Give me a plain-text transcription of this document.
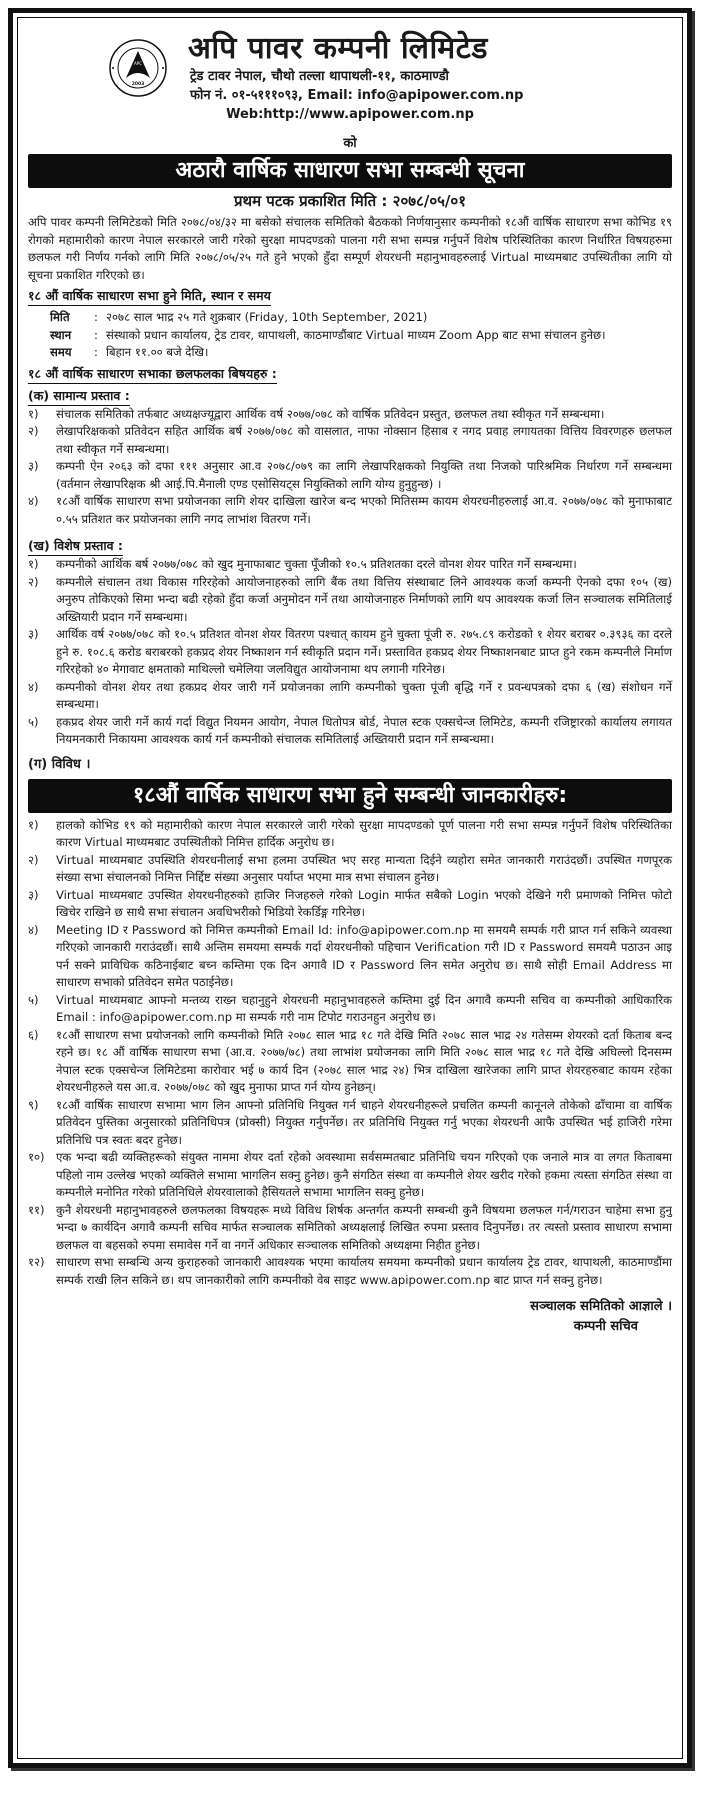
APC
2003
अपि पावर कम्पनी लिमिटेड
ट्रेड टावर नेपाल, चौथो तल्ला थापाथली-११, काठमाण्डौ
फोन नं. ०१-५१११०९३, Email: info@apipower.com.np
Web:http://www.apipower.com.np
को
अठारौ वार्षिक साधारण सभा सम्बन्धी सूचना
प्रथम पटक प्रकाशित मिति : २०७८/०५/०१

अपि पावर कम्पनी लिमिटेडको मिति २०७८/०४/३२ मा बसेको संचालक समितिको बैठकको निर्णयानुसार कम्पनीको १८औं वार्षिक साधारण सभा कोभिड १९ रोगको महामारीको कारण नेपाल सरकारले जारी गरेको सुरक्षा मापदण्डको पालना गरी सभा सम्पन्न गर्नुपर्ने विशेष परिस्थितिका कारण निर्धारित विषयहरुमा छलफल गरी निर्णय गर्नको लागि मिति २०७८/०५/२५ गते हुने भएको हुँदा सम्पूर्ण शेयरधनी महानुभावहरुलाई Virtual माध्यमबाट उपस्थितीका लागि यो सूचना प्रकाशित गरिएको छ।

१८ औं वार्षिक साधारण सभा हुने मिति, स्थान र समय
मिति	: २०७८ साल भाद्र २५ गते शुक्रबार (Friday, 10th September, 2021)
स्थान	: संस्थाको प्रधान कार्यालय, ट्रेड टावर, थापाथली, काठमाण्डौंबाट Virtual माध्यम Zoom App बाट सभा संचालन हुनेछ।
समय	: बिहान ११.०० बजे देखि।
१८ औं वार्षिक साधारण सभाका छलफलका बिषयहरु :
(क) सामान्य प्रस्ताव :
१)	संचालक समितिको तर्फबाट अध्यक्षज्यूद्वारा आर्थिक वर्ष २०७७/०७८ को वार्षिक प्रतिवेदन प्रस्तुत, छलफल तथा स्वीकृत गर्ने सम्बन्धमा।
२)	लेखापरिक्षकको प्रतिवेदन सहित आर्थिक बर्ष २०७७/०७८ को वासलात, नाफा नोक्सान हिसाब र नगद प्रवाह लगायतका वित्तिय विवरणहरु छलफल तथा स्वीकृत गर्ने सम्बन्धमा।
३)	कम्पनी ऐन २०६३ को दफा १११ अनुसार आ.व २०७८/०७९ का लागि लेखापरिक्षकको नियुक्ति तथा निजको पारिश्रमिक निर्धारण गर्ने सम्बन्धमा (वर्तमान लेखापरिक्षक श्री आई.पि.मैनाली एण्ड एसोसियट्स नियुक्तिको लागि योग्य हुनुहुन्छ) ।
४)	१८औं वार्षिक साधारण सभा प्रयोजनका लागि शेयर दाखिला खारेज बन्द भएको मितिसम्म कायम शेयरधनीहरुलाई आ.व. २०७७/०७८ को मुनाफाबाट ०.५५ प्रतिशत कर प्रयोजनका लागि नगद लाभांश वितरण गर्ने।
(ख) विशेष प्रस्ताव :
१)	कम्पनीको आर्थिक बर्ष २०७७/०७८ को खुद मुनाफाबाट चुक्ता पूँजीको १०.५ प्रतिशतका दरले वोनश शेयर पारित गर्ने सम्बन्धमा।
२)	कम्पनीले संचालन तथा विकास गरिरहेको आयोजनाहरुको लागि बैंक तथा वित्तिय संस्थाबाट लिने आवश्यक कर्जा कम्पनी ऐनको दफा १०५ (ख) अनुरुप तोकिएको सिमा भन्दा बढी रहेको हुँदा कर्जा अनुमोदन गर्ने तथा आयोजनाहरु निर्माणको लागि थप आवश्यक कर्जा लिन सञ्चालक समितिलाई अख्तियारी प्रदान गर्ने सम्बन्धमा।
३)	आर्थिक वर्ष २०७७/०७८ को १०.५ प्रतिशत वोनश शेयर वितरण पश्चात् कायम हुने चुक्ता पूंजी रु. २७५.८९ करोडको १ शेयर बराबर ०.३९३६ का दरले हुने रु. १०८.६ करोड बराबरको हकप्रद शेयर निष्काशन गर्न स्वीकृति प्रदान गर्ने। प्रस्तावित हकप्रद शेयर निष्काशनबाट प्राप्त हुने रकम कम्पनीले निर्माण गरिरहेको ४० मेगावाट क्षमताको माथिल्लो चमेलिया जलविद्युत आयोजनामा थप लगानी गरिनेछ।
४)	कम्पनीको वोनश शेयर तथा हकप्रद शेयर जारी गर्ने प्रयोजनका लागि कम्पनीको चुक्ता पूंजी बृद्धि गर्ने र प्रवन्धपत्रको दफा ६ (ख) संशोधन गर्ने सम्बन्धमा।
५)	हकप्रद शेयर जारी गर्ने कार्य गर्दा विद्युत नियमन आयोग, नेपाल धितोपत्र बोर्ड, नेपाल स्टक एक्सचेन्ज लिमिटेड, कम्पनी रजिष्ट्रारको कार्यालय लगायत नियमनकारी निकायमा आवश्यक कार्य गर्न कम्पनीको संचालक समितिलाई अख्तियारी प्रदान गर्ने सम्बन्धमा।
(ग) विविध ।
१८औं वार्षिक साधारण सभा हुने सम्बन्धी जानकारीहरु:
१)	हालको कोभिड १९ को महामारीको कारण नेपाल सरकारले जारी गरेको सुरक्षा मापदण्डको पूर्ण पालना गरी सभा सम्पन्न गर्नुपर्ने विशेष परिस्थितिका कारण Virtual माध्यमबाट उपस्थितीको निमित्त हार्दिक अनुरोध छ।
२)	Virtual माध्यमबाट उपस्थिति शेयरधनीलाई सभा हलमा उपस्थित भए सरह मान्यता दिईने व्यहोरा समेत जानकारी गराउंदछौं। उपस्थित गणपूरक संख्या सभा संचालनको निमित्त निर्द्दिष्ट संख्या अनुसार पर्याप्त भएमा मात्र सभा संचालन हुनेछ।
३)	Virtual माध्यमबाट उपस्थित शेयरधनीहरुको हाजिर निजहरुले गरेको Login मार्फत सबैको Login भएको देखिने गरी प्रमाणको निमित्त फोटो खिचेर राखिने छ साथै सभा संचालन अवधिभरीको भिडियो रेकर्डिङ्ग गरिनेछ।
४)	Meeting ID र Password को निमित्त कम्पनीको Email Id: info@apipower.com.np मा समयमै सम्पर्क गरी प्राप्त गर्न सकिने व्यवस्था गरिएको जानकारी गराउंदछौं। साथै अन्तिम समयमा सम्पर्क गर्दा शेयरधनीको पहिचान Verification गरी ID र Password समयमै पठाउन आइ पर्न सक्ने प्राविधिक कठिनाईबाट बच्न कम्तिमा एक दिन अगावै ID र Password लिन समेत अनुरोध छ। साथै सोही Email Address मा साधारण सभाको प्रतिवेदन समेत पठाईनेछ।
५)	Virtual माध्यमबाट आफ्नो मन्तव्य राख्न चहानुहुने शेयरधनी महानुभावहरुले कम्तिमा दुई दिन अगावै कम्पनी सचिव वा कम्पनीको आधिकारिक Email : info@apipower.com.np मा सम्पर्क गरी नाम टिपोट गराउनहुन अनुरोध छ।
६)	१८औं साधारण सभा प्रयोजनको लागि कम्पनीको मिति २०७८ साल भाद्र १८ गते देखि मिति २०७८ साल भाद्र २४ गतेसम्म शेयरको दर्ता किताब बन्द रहने छ। १८ औं वार्षिक साधारण सभा (आ.व. २०७७/७८) तथा लाभांश प्रयोजनका लागि मिति २०७८ साल भाद्र १८ गते देखि अघिल्लो दिनसम्म नेपाल स्टक एक्सचेन्ज लिमिटेडमा कारोवार भई ७ कार्य दिन (२०७८ साल भाद्र २४) भित्र दाखिला खारेजका लागि प्राप्त शेयरहरुबाट कायम रहेका शेयरधनीहरुले यस आ.व. २०७७/०७८ को खुद मुनाफा प्राप्त गर्न योग्य हुनेछन्।
९)	१८औं वार्षिक साधारण सभामा भाग लिन आफ्नो प्रतिनिधि नियुक्त गर्न चाहने शेयरधनीहरूले प्रचलित कम्पनी कानूनले तोकेको ढाँचामा वा वार्षिक प्रतिवेदन पुस्तिका अनुसारको प्रतिनिधिपत्र (प्रोक्सी) नियुक्त गर्नुपर्नेछ। तर प्रतिनिधि नियुक्त गर्नु भएका शेयरधनी आफै उपस्थित भई हाजिरी गरेमा प्रतिनिधि पत्र स्वतः बदर हुनेछ।
१०) एक भन्दा बढी व्यक्तिहरूको संयुक्त नाममा शेयर दर्ता रहेको अवस्थामा सर्वसम्मतबाट प्रतिनिधि चयन गरिएको एक जनाले मात्र वा लगत किताबमा पहिलो नाम उल्लेख भएको व्यक्तिले सभामा भागलिन सक्नु हुनेछ। कुनै संगठित संस्था वा कम्पनीले शेयर खरीद गरेको हकमा त्यस्ता संगठित संस्था वा कम्पनीले मनोनित गरेको प्रतिनिधिले शेयरवालाको हैसियतले सभामा भागलिन सक्नु हुनेछ।
११) कुनै शेयरधनी महानुभावहरुले छलफलका विषयहरू मध्ये विविध शिर्षक अन्तर्गत कम्पनी सम्बन्धी कुनै विषयमा छलफल गर्न/गराउन चाहेमा सभा हुनु भन्दा ७ कार्यदिन अगावै कम्पनी सचिव मार्फत सञ्चालक समितिको अध्यक्षलाई लिखित रुपमा प्रस्ताव दिनुपर्नेछ। तर त्यस्तो प्रस्ताव साधारण सभामा छलफल वा बहसको रुपमा समावेस गर्ने वा नगर्ने अधिकार सञ्चालक समितिको अध्यक्षमा निहीत हुनेछ।
१२) साधारण सभा सम्बन्धि अन्य कुराहरुको जानकारी आवश्यक भएमा कार्यालय समयमा कम्पनीको प्रधान कार्यालय ट्रेड टावर, थापाथली, काठमाण्डौंमा सम्पर्क राखी लिन सकिने छ। थप जानकारीको लागि कम्पनीको वेब साइट www.apipower.com.np बाट प्राप्त गर्न सक्नु हुनेछ।
सञ्चालक समितिको आज्ञाले ।
कम्पनी सचिव
